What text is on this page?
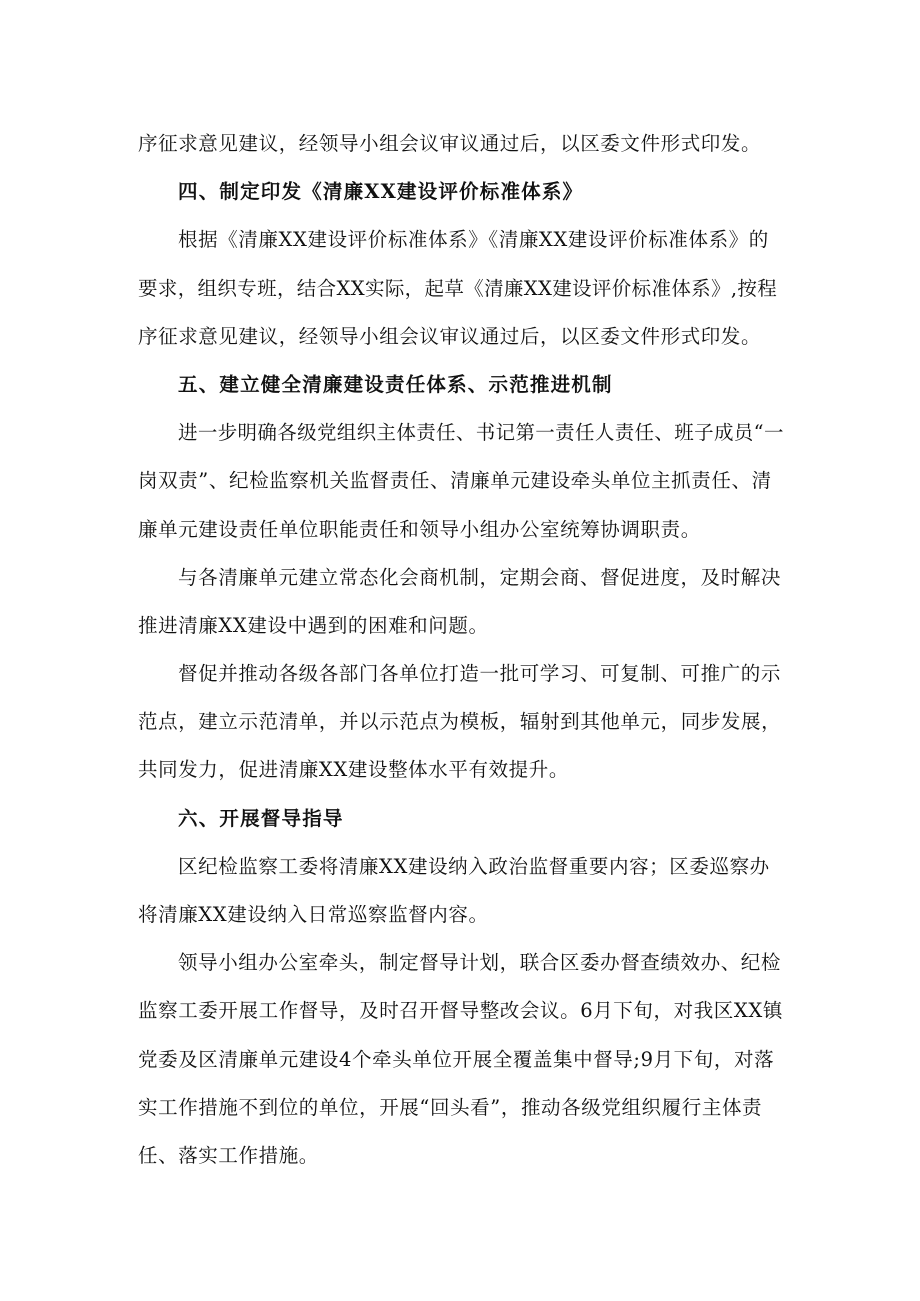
序征求意见建议，经领导小组会议审议通过后，以区委文件形式印发。
四、制定印发《清廉XX建设评价标准体系》
根据《清廉XX建设评价标准体系》《清廉XX建设评价标准体系》的
要求，组织专班，结合XX实际，起草《清廉XX建设评价标准体系》,按程
序征求意见建议，经领导小组会议审议通过后，以区委文件形式印发。
五、建立健全清廉建设责任体系、示范推进机制
进一步明确各级党组织主体责任、书记第一责任人责任、班子成员“一
岗双责”、纪检监察机关监督责任、清廉单元建设牵头单位主抓责任、清
廉单元建设责任单位职能责任和领导小组办公室统筹协调职责。
与各清廉单元建立常态化会商机制，定期会商、督促进度，及时解决
推进清廉XX建设中遇到的困难和问题。
督促并推动各级各部门各单位打造一批可学习、可复制、可推广的示
范点，建立示范清单，并以示范点为模板，辐射到其他单元，同步发展，
共同发力，促进清廉XX建设整体水平有效提升。
六、开展督导指导
区纪检监察工委将清廉XX建设纳入政治监督重要内容；区委巡察办
将清廉XX建设纳入日常巡察监督内容。
领导小组办公室牵头，制定督导计划，联合区委办督查绩效办、纪检
监察工委开展工作督导，及时召开督导整改会议。6月下旬，对我区XX镇
党委及区清廉单元建设4个牵头单位开展全覆盖集中督导;9月下旬，对落
实工作措施不到位的单位，开展“回头看”，推动各级党组织履行主体责
任、落实工作措施。
